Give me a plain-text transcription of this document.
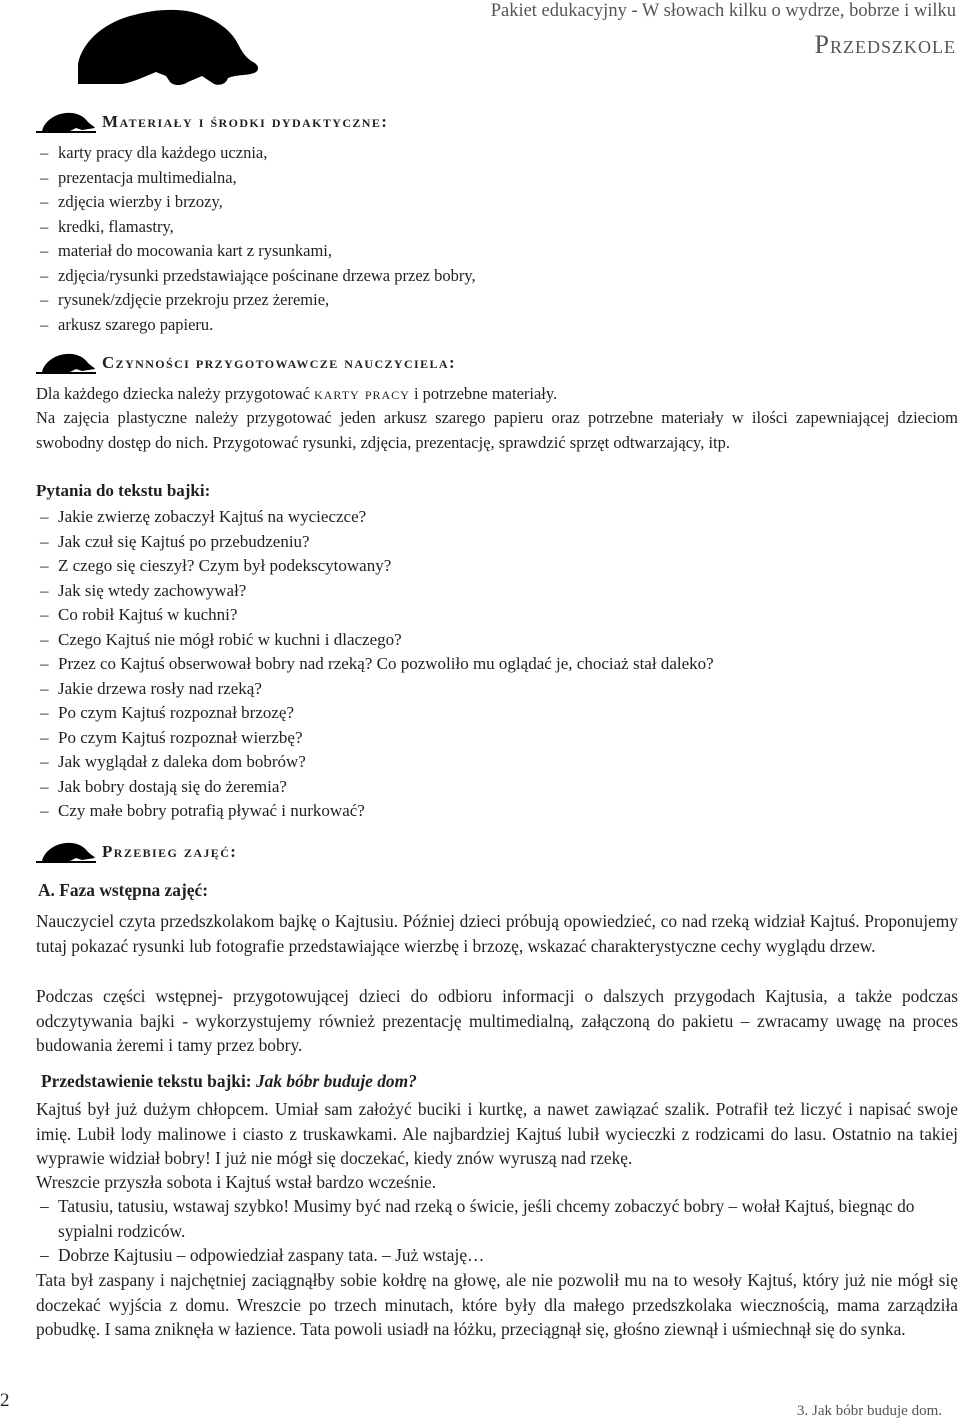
Pakiet edukacyjny - W słowach kilku o wydrze, bobrze i wilku
Przedszkole
Materiały i środki dydaktyczne:
– karty pracy dla każdego ucznia,
– prezentacja multimedialna,
– zdjęcia wierzby i brzozy,
– kredki, flamastry,
– materiał do mocowania kart z rysunkami,
– zdjęcia/rysunki przedstawiające pościnane drzewa przez bobry,
– rysunek/zdjęcie przekroju przez żeremie,
– arkusz szarego papieru.
Czynności przygotowawcze nauczyciela:

Dla każdego dziecka należy przygotować karty pracy i potrzebne materiały.

Na zajęcia plastyczne należy przygotować jeden arkusz szarego papieru oraz potrzebne materiały w ilości zapewniającej dzieciom swobodny dostęp do nich. Przygotować rysunki, zdjęcia, prezentację, sprawdzić sprzęt odtwarzający, itp.

Pytania do tekstu bajki:
– Jakie zwierzę zobaczył Kajtuś na wycieczce?
– Jak czuł się Kajtuś po przebudzeniu?
– Z czego się cieszył? Czym był podekscytowany?
– Jak się wtedy zachowywał?
– Co robił Kajtuś w kuchni?
– Czego Kajtuś nie mógł robić w kuchni i dlaczego?
– Przez co Kajtuś obserwował bobry nad rzeką? Co pozwoliło mu oglądać je, chociaż stał daleko?
– Jakie drzewa rosły nad rzeką?
– Po czym Kajtuś rozpoznał brzozę?
– Po czym Kajtuś rozpoznał wierzbę?
– Jak wyglądał z daleka dom bobrów?
– Jak bobry dostają się do żeremia?
– Czy małe bobry potrafią pływać i nurkować?
Przebieg zajęć:
A. Faza wstępna zajęć:

Nauczyciel czyta przedszkolakom bajkę o Kajtusiu. Później dzieci próbują opowiedzieć, co nad rzeką widział Kajtuś. Proponujemy tutaj pokazać rysunki lub fotografie przedstawiające wierzbę i brzozę, wskazać charakterystyczne cechy wyglądu drzew.

Podczas części wstępnej- przygotowującej dzieci do odbioru informacji o dalszych przygodach Kajtusia, a także podczas odczytywania bajki - wykorzystujemy również prezentację multimedialną, załączoną do pakietu – zwracamy uwagę na proces budowania żeremi i tamy przez bobry.

Przedstawienie tekstu bajki: Jak bóbr buduje dom?

Kajtuś był już dużym chłopcem. Umiał sam założyć buciki i kurtkę, a nawet zawiązać szalik. Potrafił też liczyć i napisać swoje imię. Lubił lody malinowe i ciasto z truskawkami. Ale najbardziej Kajtuś lubił wycieczki z rodzicami do lasu. Ostatnio na takiej wyprawie widział bobry! I już nie mógł się doczekać, kiedy znów wyruszą nad rzekę.

Wreszcie przyszła sobota i Kajtuś wstał bardzo wcześnie.

– Tatusiu, tatusiu, wstawaj szybko! Musimy być nad rzeką o świcie, jeśli chcemy zobaczyć bobry – wołał Kajtuś, biegnąc do sypialni rodziców.
– Dobrze Kajtusiu – odpowiedział zaspany tata. – Już wstaję…

Tata był zaspany i najchętniej zaciągnąłby sobie kołdrę na głowę, ale nie pozwolił mu na to wesoły Kajtuś, który już nie mógł się doczekać wyjścia z domu. Wreszcie po trzech minutach, które były dla małego przedszkolaka wiecznością, mama zarządziła pobudkę. I sama zniknęła w łazience. Tata powoli usiadł na łóżku, przeciągnął się, głośno ziewnął i uśmiechnął się do synka.

2	3. Jak bóbr buduje dom.
